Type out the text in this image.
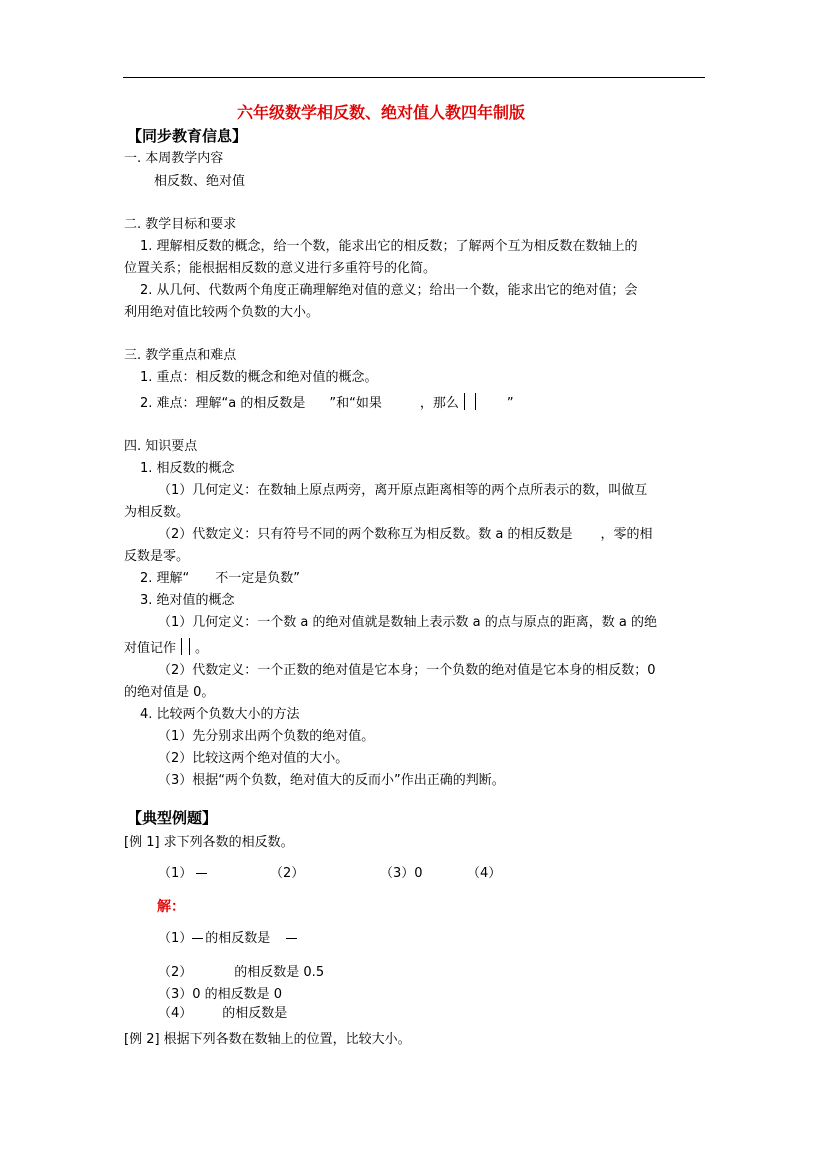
六年级数学相反数、绝对值人教四年制版
【同步教育信息】
一. 本周教学内容
相反数、绝对值
二. 教学目标和要求
1. 理解相反数的概念，给一个数，能求出它的相反数；了解两个互为相反数在数轴上的
位置关系；能根据相反数的意义进行多重符号的化简。
2. 从几何、代数两个角度正确理解绝对值的意义；给出一个数，能求出它的绝对值；会
利用绝对值比较两个负数的大小。
三. 教学重点和难点
1. 重点：相反数的概念和绝对值的概念。
2. 难点：理解“a 的相反数是 ”和“如果	，那么	”
四. 知识要点
1. 相反数的概念
（1）几何定义：在数轴上原点两旁，离开原点距离相等的两个点所表示的数，叫做互
为相反数。
（2）代数定义：只有符号不同的两个数称互为相反数。数 a 的相反数是 ，零的相
反数是零。
2. 理解“ 不一定是负数”
3. 绝对值的概念
（1）几何定义：一个数 a 的绝对值就是数轴上表示数 a 的点与原点的距离，数 a 的绝
对值记作 。
（2）代数定义：一个正数的绝对值是它本身；一个负数的绝对值是它本身的相反数；0
的绝对值是 0。
4. 比较两个负数大小的方法
（1）先分别求出两个负数的绝对值。
（2）比较这两个绝对值的大小。
（3）根据“两个负数，绝对值大的反而小”作出正确的判断。
【典型例题】
[例 1] 求下列各数的相反数。
（1）	（2）	（3）0	（4）
解：
（1） 的相反数是
（2）	的相反数是 0.5
（3）0 的相反数是 0
（4） 的相反数是
[例 2] 根据下列各数在数轴上的位置，比较大小。
